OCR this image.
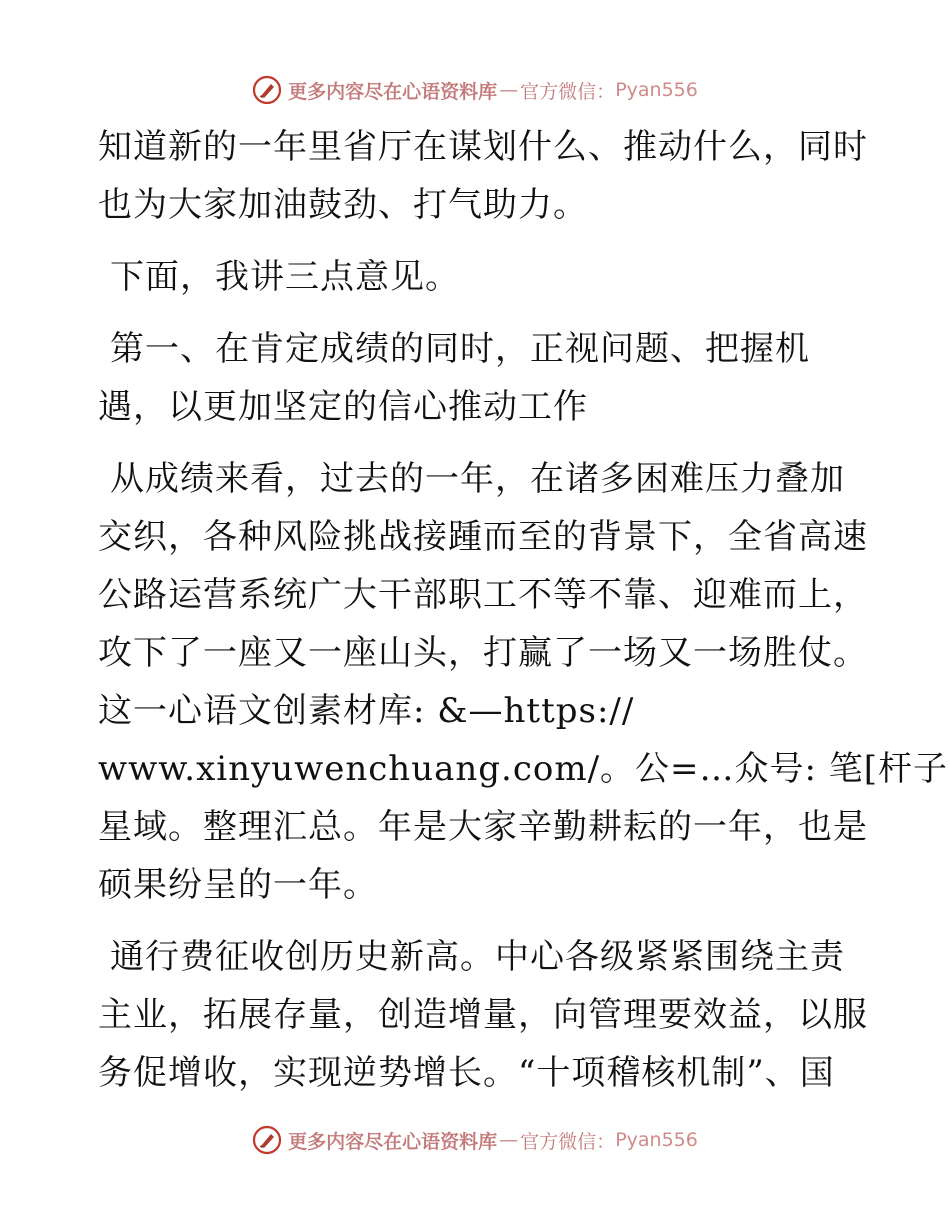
更多内容尽在心语资料库 — 官方微信： Pyan556
知道新的一年里省厅在谋划什么、推动什么，同时
也为大家加油鼓劲、打气助力。
下面，我讲三点意见。
第一、在肯定成绩的同时，正视问题、把握机
遇，以更加坚定的信心推动工作
从成绩来看，过去的一年，在诸多困难压力叠加
交织，各种风险挑战接踵而至的背景下，全省高速
公路运营系统广大干部职工不等不靠、迎难而上，
攻下了一座又一座山头，打赢了一场又一场胜仗。
这一心语文创素材库: &—https://
www.xinyuwenchuang.com/。公=…众号: 笔[杆子
星域。整理汇总。年是大家辛勤耕耘的一年，也是
硕果纷呈的一年。
通行费征收创历史新高。中心各级紧紧围绕主责
主业，拓展存量，创造增量，向管理要效益，以服
务促增收，实现逆势增长。“十项稽核机制”、国
更多内容尽在心语资料库 — 官方微信： Pyan556
